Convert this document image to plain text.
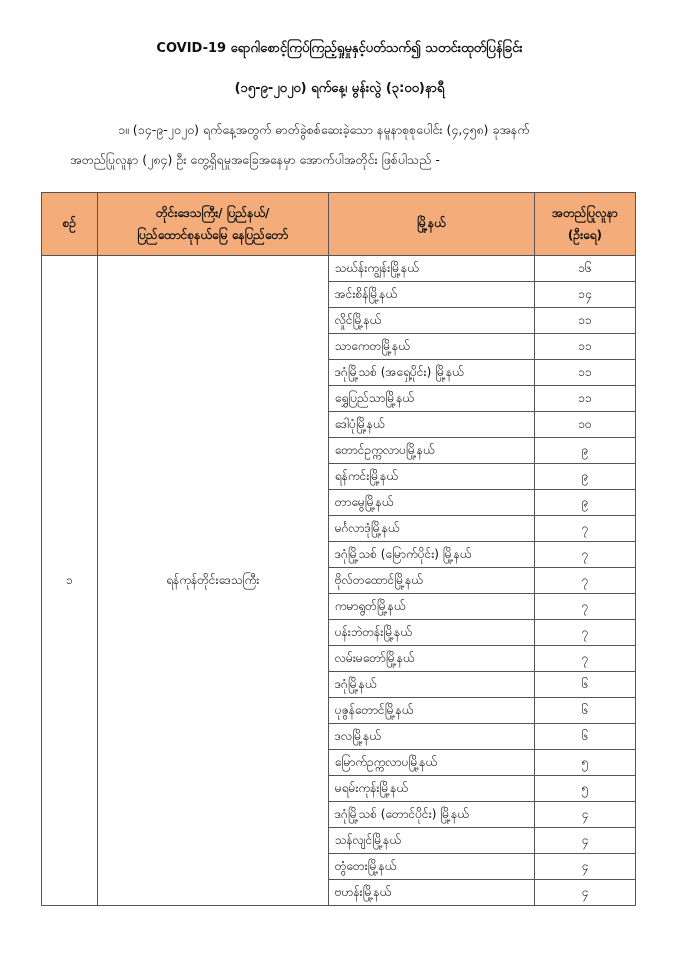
COVID-19 ရောဂါစောင့်ကြပ်ကြည့်ရှုမှုနှင့်ပတ်သက်၍ သတင်းထုတ်ပြန်ခြင်း
(၁၅-၉-၂၀၂၀) ရက်နေ့၊ မွန်းလွဲ (၃:၀၀)နာရီ
၁။ (၁၄-၉-၂၀၂၀) ရက်နေ့အတွက် ဓာတ်ခွဲစစ်ဆေးခဲ့သော နမူနာစုစုပေါင်း (၄,၄၅၈) ခုအနက်
အတည်ပြုလူနာ (၂၈၄) ဦး တွေ့ရှိရမှုအခြေအနေမှာ အောက်ပါအတိုင်း ဖြစ်ပါသည် -
စဉ်	တိုင်းဒေသကြီး/ ပြည်နယ်/
ပြည်ထောင်စုနယ်မြေ နေပြည်တော်	မြို့နယ်	အတည်ပြုလူနာ
(ဦးရေ)

၁	ရန်ကုန်တိုင်းဒေသကြီး	သဃ်န်းကျွန်းမြို့နယ်	၁၆
		အင်းစိန်မြို့နယ်	၁၄
		လှိုင်မြို့နယ်	၁၁
		သာကေတမြို့နယ်	၁၁
		ဒဂုံမြို့သစ် (အရှေ့ပိုင်း) မြို့နယ်	၁၁
		ရွှေပြည်သာမြို့နယ်	၁၁
		ဒေါပုံမြို့နယ်	၁၀
		တောင်ဥက္ကလာပမြို့နယ်	၉
		ရန်ကင်းမြို့နယ်	၉
		တာမွေမြို့နယ်	၉
		မင်္ဂလာဒုံမြို့နယ်	၇
		ဒဂုံမြို့သစ် (မြောက်ပိုင်း) မြို့နယ်	၇
		ဗိုလ်တထောင်မြို့နယ်	၇
		ကမာရွတ်မြို့နယ်	၇
		ပန်းဘဲတန်းမြို့နယ်	၇
		လမ်းမတော်မြို့နယ်	၇
		ဒဂုံမြို့နယ်	၆
		ပုဇွန်တောင်မြို့နယ်	၆
		ဒလမြို့နယ်	၆
		မြောက်ဥက္ကလာပမြို့နယ်	၅
		မရမ်းကုန်းမြို့နယ်	၅
		ဒဂုံမြို့သစ် (တောင်ပိုင်း) မြို့နယ်	၄
		သန်လျင်မြို့နယ်	၄
		တွံတေးမြို့နယ်	၄
		ဗဟန်းမြို့နယ်	၄
